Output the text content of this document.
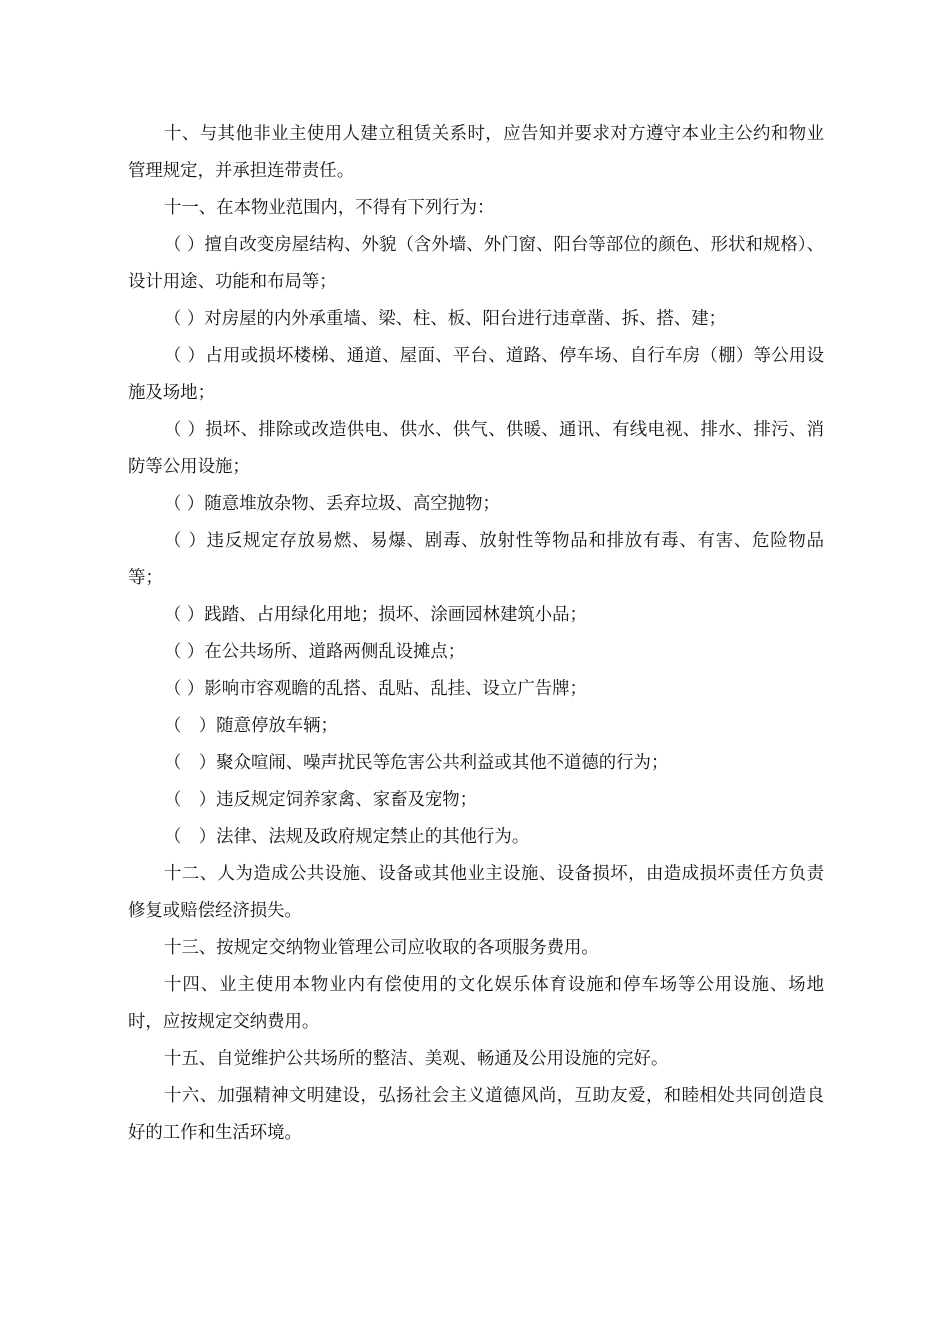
十、与其他非业主使用人建立租赁关系时，应告知并要求对方遵守本业主公约和物业管理规定，并承担连带责任。

十一、在本物业范围内，不得有下列行为：

（ ）擅自改变房屋结构、外貌（含外墙、外门窗、阳台等部位的颜色、形状和规格）、设计用途、功能和布局等；

（ ）对房屋的内外承重墙、梁、柱、板、阳台进行违章凿、拆、搭、建；

（ ）占用或损坏楼梯、通道、屋面、平台、道路、停车场、自行车房（棚）等公用设施及场地；

（ ）损坏、排除或改造供电、供水、供气、供暖、通讯、有线电视、排水、排污、消防等公用设施；

（ ）随意堆放杂物、丢弃垃圾、高空抛物；

（ ）违反规定存放易燃、易爆、剧毒、放射性等物品和排放有毒、有害、危险物品等；

（ ）践踏、占用绿化用地；损坏、涂画园林建筑小品；

（ ）在公共场所、道路两侧乱设摊点；

（ ）影响市容观瞻的乱搭、乱贴、乱挂、设立广告牌；

（　）随意停放车辆；

（　）聚众喧闹、噪声扰民等危害公共利益或其他不道德的行为；

（　）违反规定饲养家禽、家畜及宠物；

（　）法律、法规及政府规定禁止的其他行为。

十二、人为造成公共设施、设备或其他业主设施、设备损坏，由造成损坏责任方负责修复或赔偿经济损失。

十三、按规定交纳物业管理公司应收取的各项服务费用。

十四、业主使用本物业内有偿使用的文化娱乐体育设施和停车场等公用设施、场地时，应按规定交纳费用。

十五、自觉维护公共场所的整洁、美观、畅通及公用设施的完好。

十六、加强精神文明建设，弘扬社会主义道德风尚，互助友爱，和睦相处共同创造良好的工作和生活环境。
